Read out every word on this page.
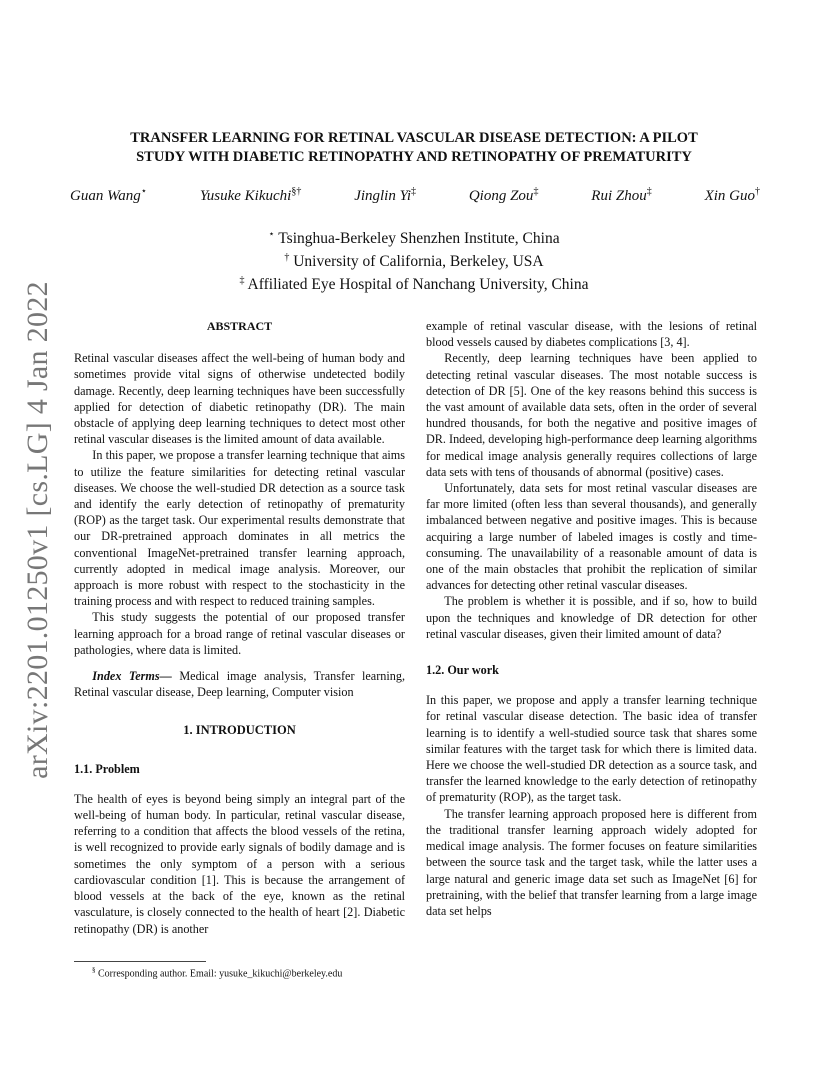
arXiv:2201.01250v1 [cs.LG] 4 Jan 2022
TRANSFER LEARNING FOR RETINAL VASCULAR DISEASE DETECTION: A PILOT
STUDY WITH DIABETIC RETINOPATHY AND RETINOPATHY OF PREMATURITY
Guan Wang⋆	Yusuke Kikuchi§†	Jinglin Yi‡	Qiong Zou‡	Rui Zhou‡	Xin Guo†
⋆ Tsinghua-Berkeley Shenzhen Institute, China
† University of California, Berkeley, USA
‡ Affiliated Eye Hospital of Nanchang University, China

ABSTRACT

Retinal vascular diseases affect the well-being of human body and sometimes provide vital signs of otherwise undetected bodily damage. Recently, deep learning techniques have been successfully applied for detection of diabetic retinopathy (DR). The main obstacle of applying deep learning techniques to detect most other retinal vascular diseases is the limited amount of data available.

In this paper, we propose a transfer learning technique that aims to utilize the feature similarities for detecting retinal vascular diseases. We choose the well-studied DR detection as a source task and identify the early detection of retinopathy of prematurity (ROP) as the target task. Our experimental results demonstrate that our DR-pretrained approach dominates in all metrics the conventional ImageNet-pretrained transfer learning approach, currently adopted in medical image analysis. Moreover, our approach is more robust with respect to the stochasticity in the training process and with respect to reduced training samples.

This study suggests the potential of our proposed transfer learning approach for a broad range of retinal vascular diseases or pathologies, where data is limited.

Index Terms— Medical image analysis, Transfer learning, Retinal vascular disease, Deep learning, Computer vision

1. INTRODUCTION

1.1. Problem

The health of eyes is beyond being simply an integral part of the well-being of human body. In particular, retinal vascular disease, referring to a condition that affects the blood vessels of the retina, is well recognized to provide early signals of bodily damage and is sometimes the only symptom of a person with a serious cardiovascular condition [1]. This is because the arrangement of blood vessels at the back of the eye, known as the retinal vasculature, is closely connected to the health of heart [2]. Diabetic retinopathy (DR) is another

example of retinal vascular disease, with the lesions of retinal blood vessels caused by diabetes complications [3, 4].

Recently, deep learning techniques have been applied to detecting retinal vascular diseases. The most notable success is detection of DR [5]. One of the key reasons behind this success is the vast amount of available data sets, often in the order of several hundred thousands, for both the negative and positive images of DR. Indeed, developing high-performance deep learning algorithms for medical image analysis generally requires collections of large data sets with tens of thousands of abnormal (positive) cases.

Unfortunately, data sets for most retinal vascular diseases are far more limited (often less than several thousands), and generally imbalanced between negative and positive images. This is because acquiring a large number of labeled images is costly and time-consuming. The unavailability of a reasonable amount of data is one of the main obstacles that prohibit the replication of similar advances for detecting other retinal vascular diseases.

The problem is whether it is possible, and if so, how to build upon the techniques and knowledge of DR detection for other retinal vascular diseases, given their limited amount of data?

1.2. Our work

In this paper, we propose and apply a transfer learning technique for retinal vascular disease detection. The basic idea of transfer learning is to identify a well-studied source task that shares some similar features with the target task for which there is limited data. Here we choose the well-studied DR detection as a source task, and transfer the learned knowledge to the early detection of retinopathy of prematurity (ROP), as the target task.

The transfer learning approach proposed here is different from the traditional transfer learning approach widely adopted for medical image analysis. The former focuses on feature similarities between the source task and the target task, while the latter uses a large natural and generic image data set such as ImageNet [6] for pretraining, with the belief that transfer learning from a large image data set helps

§ Corresponding author. Email: yusuke_kikuchi@berkeley.edu
